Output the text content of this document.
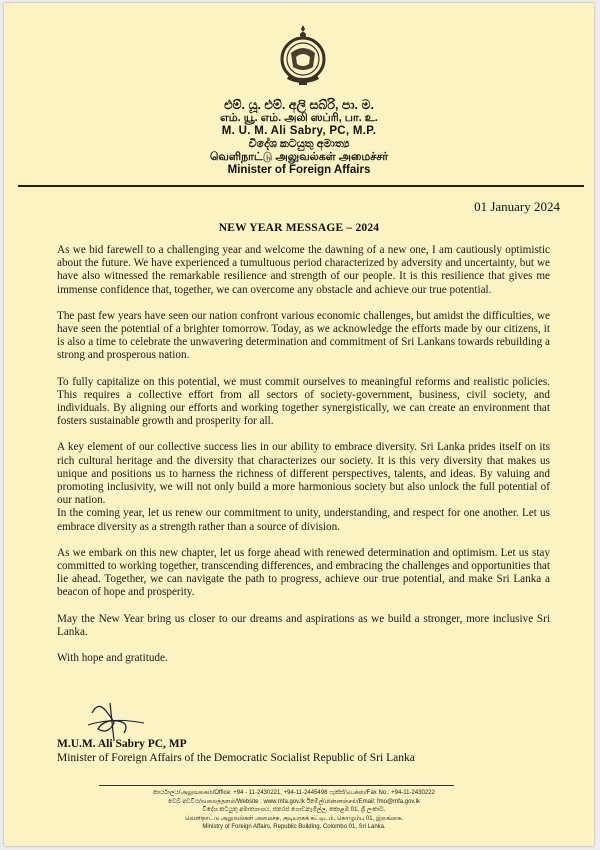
එම්. යූ. එම්. අලි සබ්රි, පා. ම.
எம். யூ. எம். அலி ஸப்ரி, பா. உ.
M. U. M. Ali Sabry, PC, M.P.
විදේශ කටයුතු අමාත්‍ය
வெளிநாட்டு அலுவல்கள் அமைச்சர்
Minister of Foreign Affairs
01 January 2024
NEW YEAR MESSAGE – 2024

As we bid farewell to a challenging year and welcome the dawning of a new one, I am cautiously optimistic about the future. We have experienced a tumultuous period characterized by adversity and uncertainty, but we have also witnessed the remarkable resilience and strength of our people. It is this resilience that gives me immense confidence that, together, we can overcome any obstacle and achieve our true potential.

The past few years have seen our nation confront various economic challenges, but amidst the difficulties, we have seen the potential of a brighter tomorrow. Today, as we acknowledge the efforts made by our citizens, it is also a time to celebrate the unwavering determination and commitment of Sri Lankans towards rebuilding a strong and prosperous nation.

To fully capitalize on this potential, we must commit ourselves to meaningful reforms and realistic policies. This requires a collective effort from all sectors of society-government, business, civil society, and individuals. By aligning our efforts and working together synergistically, we can create an environment that fosters sustainable growth and prosperity for all.

A key element of our collective success lies in our ability to embrace diversity. Sri Lanka prides itself on its rich cultural heritage and the diversity that characterizes our society. It is this very diversity that makes us unique and positions us to harness the richness of different perspectives, talents, and ideas. By valuing and promoting inclusivity, we will not only build a more harmonious society but also unlock the full potential of our nation.

In the coming year, let us renew our commitment to unity, understanding, and respect for one another. Let us embrace diversity as a strength rather than a source of division.

As we embark on this new chapter, let us forge ahead with renewed determination and optimism. Let us stay committed to working together, transcending differences, and embracing the challenges and opportunities that lie ahead. Together, we can navigate the path to progress, achieve our true potential, and make Sri Lanka a beacon of hope and prosperity.

May the New Year bring us closer to our dreams and aspirations as we build a stronger, more inclusive Sri Lanka.

With hope and gratitude.

M.U.M. Ali Sabry PC, MP
Minister of Foreign Affairs of the Democratic Socialist Republic of Sri Lanka
කාර්යාලය/அலுவலகம்/Office: +94 - 11-2430221, +94-11-2445498 ෆැක්ස්/பெக்ஸ்/Fax No.: +94-11-2430222
වෙබ් අඩවිය/வலைத்தளம்/Website : www.mfa.gov.lk ඊමේල්/மின்னஞ்சல்/Email: fmo@mfa.gov.lk
විදේශ කටයුතු අමාත්‍යාංශය, ජනරජ ගොඩනැගිල්ල, කොළඹ 01, ශ්‍රී ලංකාව.
வெளிநாட்டு அலுவல்கள் அமைச்சு, குடியரசுக் கட்டிடம், கொழும்பு 01, இலங்கை.
Ministry of Foreign Affairs, Republic Building, Colombo 01, Sri Lanka.
